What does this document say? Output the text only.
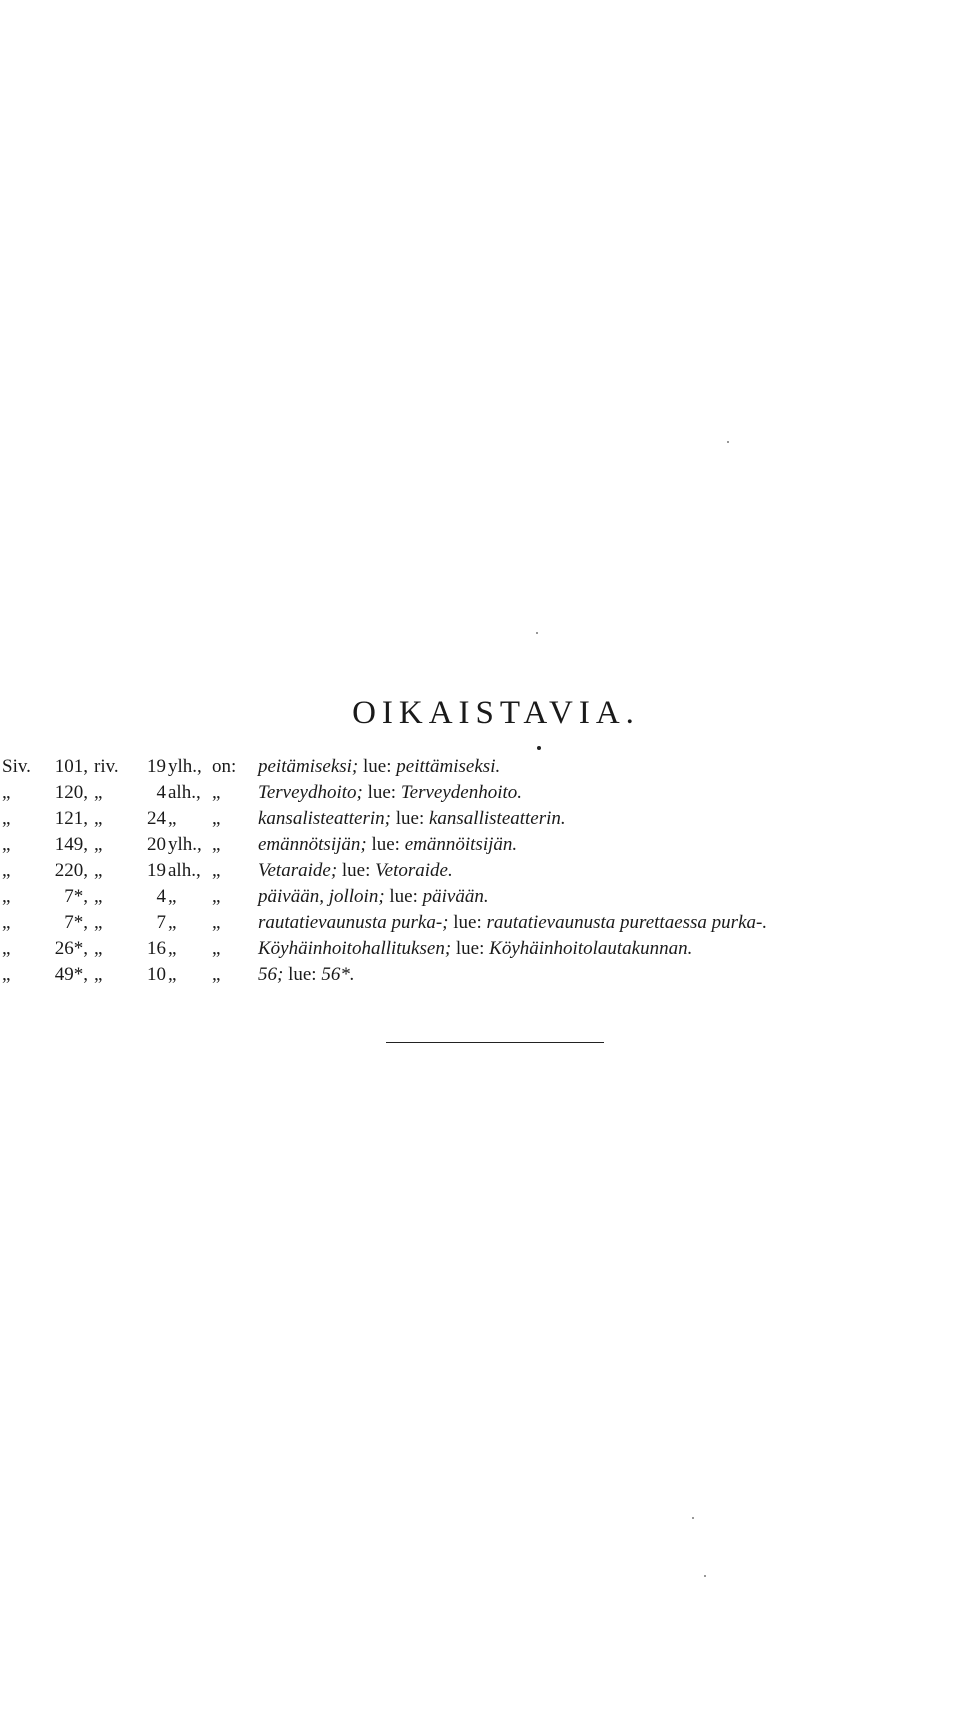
OIKAISTAVIA.
Siv.	101, riv.	19 ylh., on:	peitämiseksi; lue: peittämiseksi.
„	120, „	4 alh., „	Terveydhoito; lue: Terveydenhoito.
„	121, „	24 „	„	kansalisteatterin; lue: kansallisteatterin.
„	149, „	20 ylh., „	emännötsijän; lue: emännöitsijän.
„	220, „	19 alh., „	Vetaraide; lue: Vetoraide.
„	7*, „	4 „	„	päivään, jolloin; lue: päivään.
„	7*, „	7 „	„	rautatievaunusta purka-; lue: rautatievaunusta purettaessa purka-.
„	26*, „	16 „	„	Köyhäinhoitohallituksen; lue: Köyhäinhoitolautakunnan.
„	49*, „	10 „	„	56; lue: 56*.
